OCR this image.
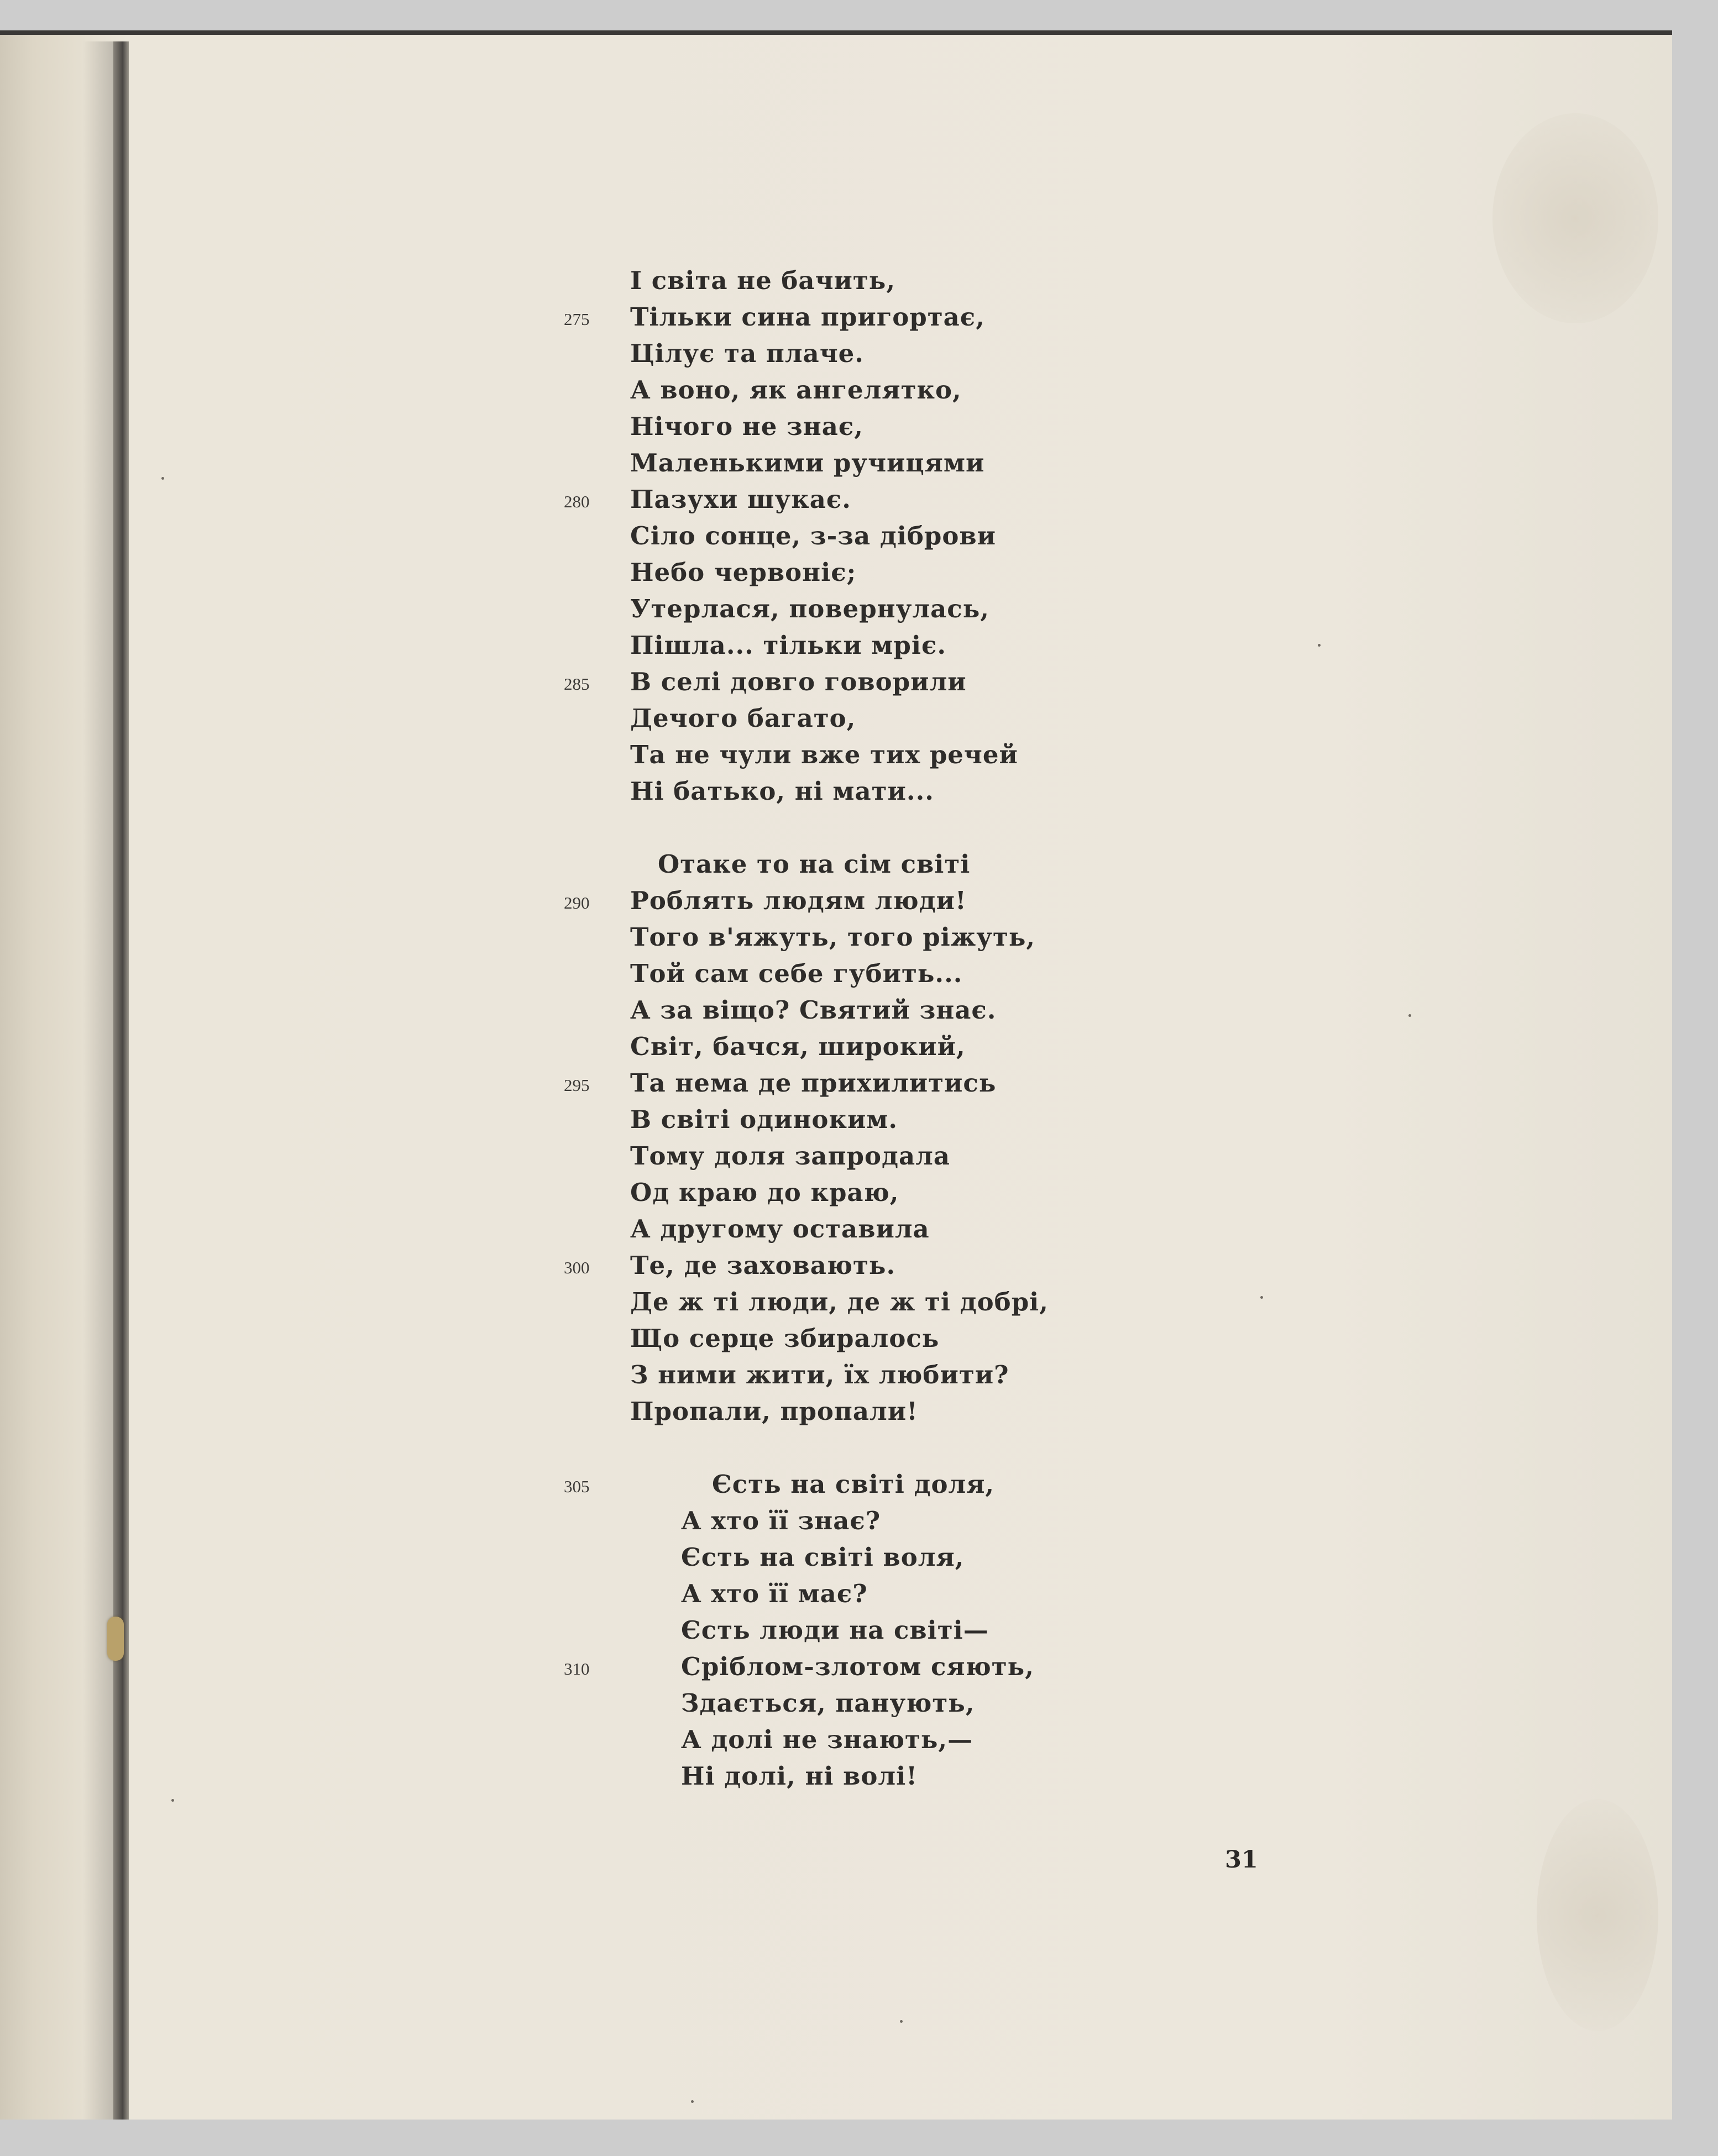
І світа не бачить,
275 Тільки сина пригортає,
Цілує та плаче.
А воно, як ангелятко,
Нічого не знає,
Маленькими ручицями
280 Пазухи шукає.
Сіло сонце, з-за діброви
Небо червоніє;
Утерлася, повернулась,
Пішла... тільки мріє.
285 В селі довго говорили
Дечого багато,
Та не чули вже тих речей
Ні батько, ні мати...
Отаке то на сім світі
290 Роблять людям люди!
Того в'яжуть, того ріжуть,
Той сам себе губить...
А за віщо? Святий знає.
Світ, бачся, широкий,
295 Та нема де прихилитись
В світі одиноким.
Тому доля запродала
Од краю до краю,
А другому оставила
300 Те, де заховають.
Де ж ті люди, де ж ті добрі,
Що серце збиралось
З ними жити, їх любити?
Пропали, пропали!
305	Єсть на світі доля,
А хто її знає?
Єсть на світі воля,
А хто її має?
Єсть люди на світі—
310	Сріблом-злотом сяють,
Здається, панують,
А долі не знають,—
Ні долі, ні волі!
31
